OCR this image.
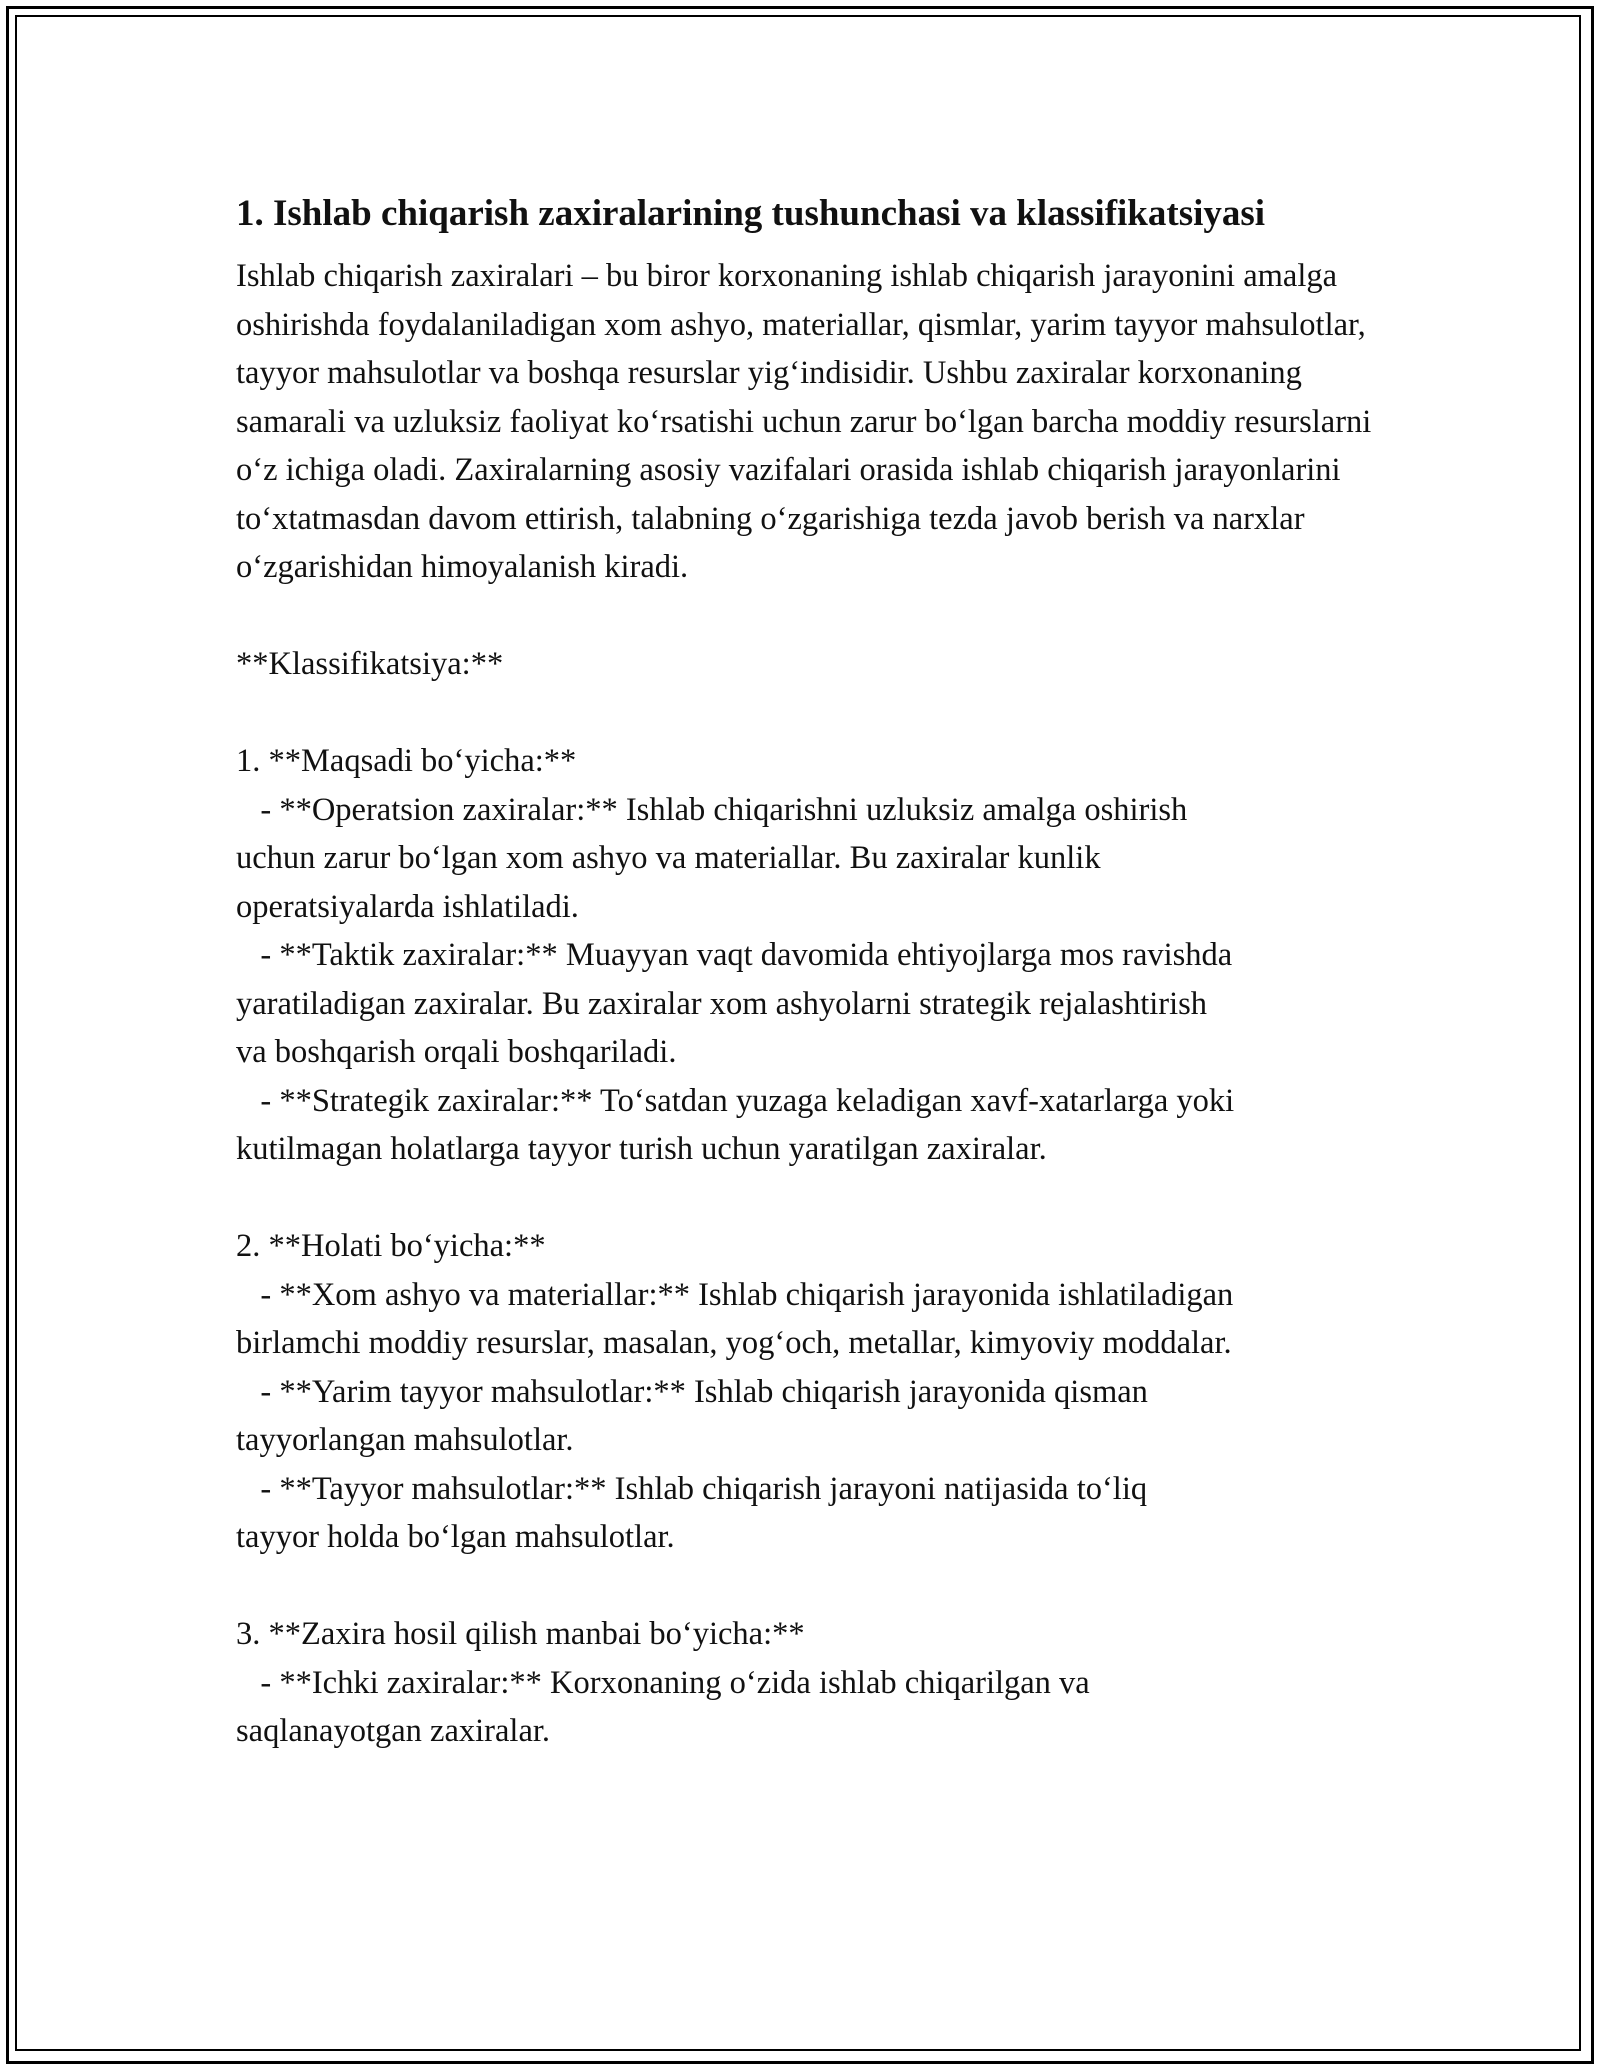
1. Ishlab chiqarish zaxiralarining tushunchasi va klassifikatsiyasi

Ishlab chiqarish zaxiralari – bu biror korxonaning ishlab chiqarish jarayonini amalga oshirishda foydalaniladigan xom ashyo, materiallar, qismlar, yarim tayyor mahsulotlar, tayyor mahsulotlar va boshqa resurslar yig‘indisidir. Ushbu zaxiralar korxonaning samarali va uzluksiz faoliyat ko‘rsatishi uchun zarur bo‘lgan barcha moddiy resurslarni o‘z ichiga oladi. Zaxiralarning asosiy vazifalari orasida ishlab chiqarish jarayonlarini to‘xtatmasdan davom ettirish, talabning o‘zgarishiga tezda javob berish va narxlar o‘zgarishidan himoyalanish kiradi.

**Klassifikatsiya:**
1. **Maqsadi bo‘yicha:**
- **Operatsion zaxiralar:** Ishlab chiqarishni uzluksiz amalga oshirish
uchun zarur bo‘lgan xom ashyo va materiallar. Bu zaxiralar kunlik
operatsiyalarda ishlatiladi.
- **Taktik zaxiralar:** Muayyan vaqt davomida ehtiyojlarga mos ravishda
yaratiladigan zaxiralar. Bu zaxiralar xom ashyolarni strategik rejalashtirish
va boshqarish orqali boshqariladi.
- **Strategik zaxiralar:** To‘satdan yuzaga keladigan xavf-xatarlarga yoki
kutilmagan holatlarga tayyor turish uchun yaratilgan zaxiralar.
2. **Holati bo‘yicha:**
- **Xom ashyo va materiallar:** Ishlab chiqarish jarayonida ishlatiladigan
birlamchi moddiy resurslar, masalan, yog‘och, metallar, kimyoviy moddalar.
- **Yarim tayyor mahsulotlar:** Ishlab chiqarish jarayonida qisman
tayyorlangan mahsulotlar.
- **Tayyor mahsulotlar:** Ishlab chiqarish jarayoni natijasida to‘liq
tayyor holda bo‘lgan mahsulotlar.
3. **Zaxira hosil qilish manbai bo‘yicha:**
- **Ichki zaxiralar:** Korxonaning o‘zida ishlab chiqarilgan va
saqlanayotgan zaxiralar.
